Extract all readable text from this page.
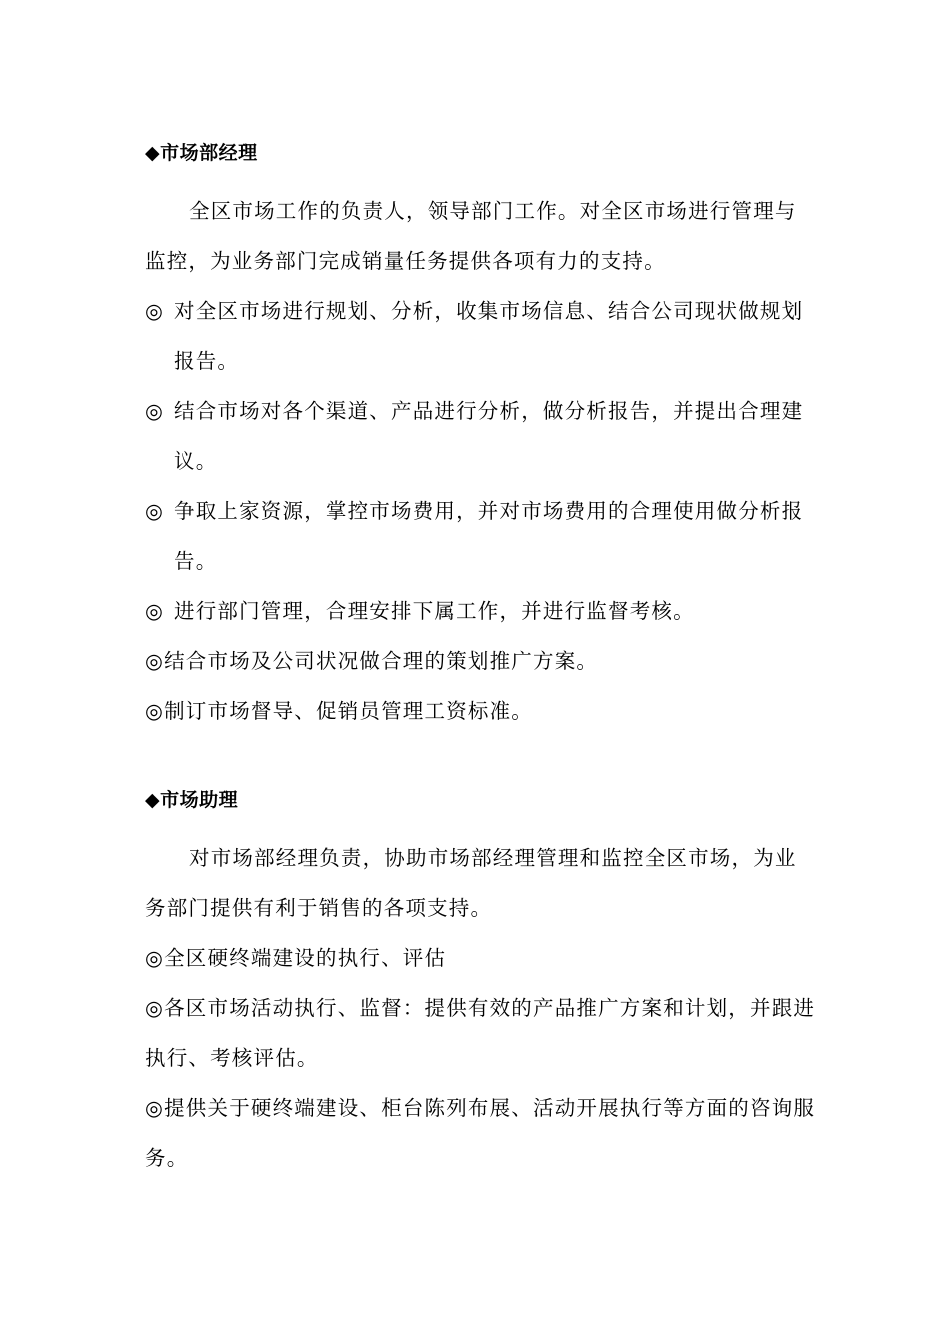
◆市场部经理

全区市场工作的负责人，领导部门工作。对全区市场进行管理与监控，为业务部门完成销量任务提供各项有力的支持。

◎ 对全区市场进行规划、分析，收集市场信息、结合公司现状做规划报告。

◎ 结合市场对各个渠道、产品进行分析，做分析报告，并提出合理建议。

◎ 争取上家资源，掌控市场费用，并对市场费用的合理使用做分析报告。

◎ 进行部门管理，合理安排下属工作，并进行监督考核。

◎结合市场及公司状况做合理的策划推广方案。

◎制订市场督导、促销员管理工资标准。

◆市场助理

对市场部经理负责，协助市场部经理管理和监控全区市场，为业务部门提供有利于销售的各项支持。

◎全区硬终端建设的执行、评估

◎各区市场活动执行、监督：提供有效的产品推广方案和计划，并跟进执行、考核评估。

◎提供关于硬终端建设、柜台陈列布展、活动开展执行等方面的咨询服务。
